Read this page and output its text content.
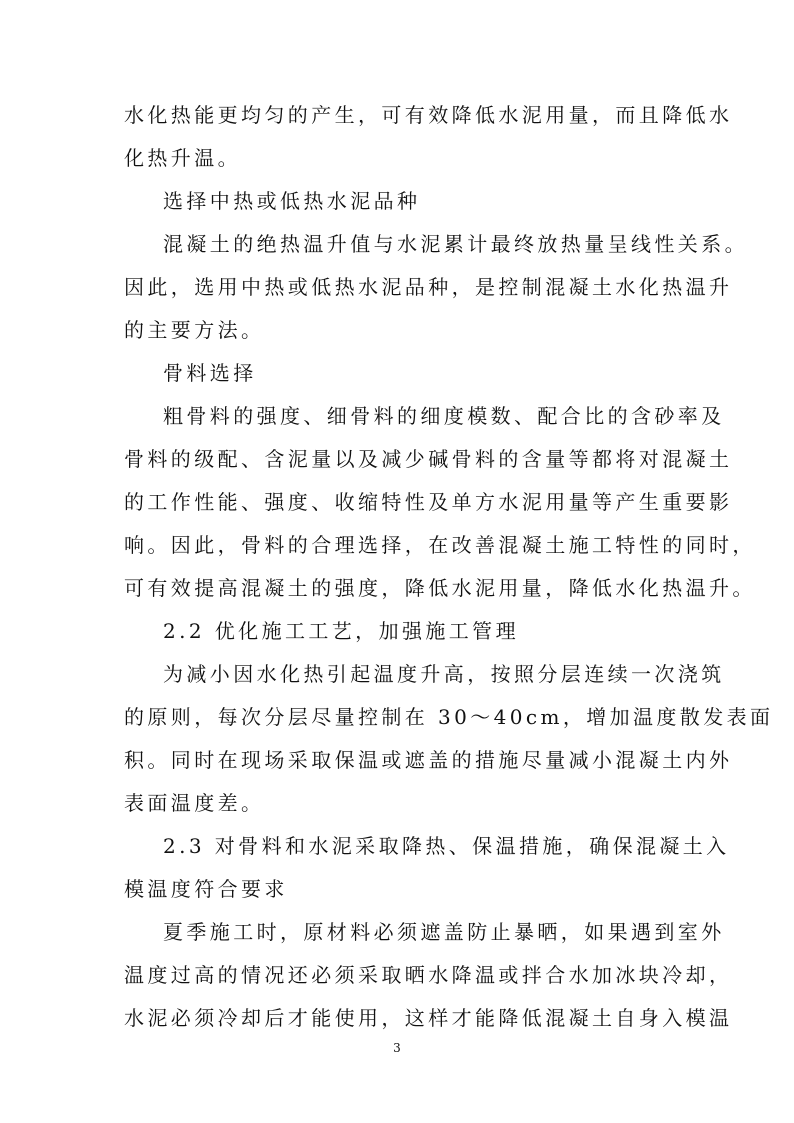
水化热能更均匀的产生，可有效降低水泥用量，而且降低水
化热升温。
选择中热或低热水泥品种
混凝土的绝热温升值与水泥累计最终放热量呈线性关系。
因此，选用中热或低热水泥品种，是控制混凝土水化热温升
的主要方法。
骨料选择
粗骨料的强度、细骨料的细度模数、配合比的含砂率及
骨料的级配、含泥量以及减少碱骨料的含量等都将对混凝土
的工作性能、强度、收缩特性及单方水泥用量等产生重要影
响。因此，骨料的合理选择，在改善混凝土施工特性的同时，
可有效提高混凝土的强度，降低水泥用量，降低水化热温升。
2.2 优化施工工艺，加强施工管理
为减小因水化热引起温度升高，按照分层连续一次浇筑
的原则，每次分层尽量控制在 30～40cm，增加温度散发表面
积。同时在现场采取保温或遮盖的措施尽量减小混凝土内外
表面温度差。
2.3 对骨料和水泥采取降热、保温措施，确保混凝土入
模温度符合要求
夏季施工时，原材料必须遮盖防止暴晒，如果遇到室外
温度过高的情况还必须采取晒水降温或拌合水加冰块冷却，
水泥必须冷却后才能使用，这样才能降低混凝土自身入模温
3
